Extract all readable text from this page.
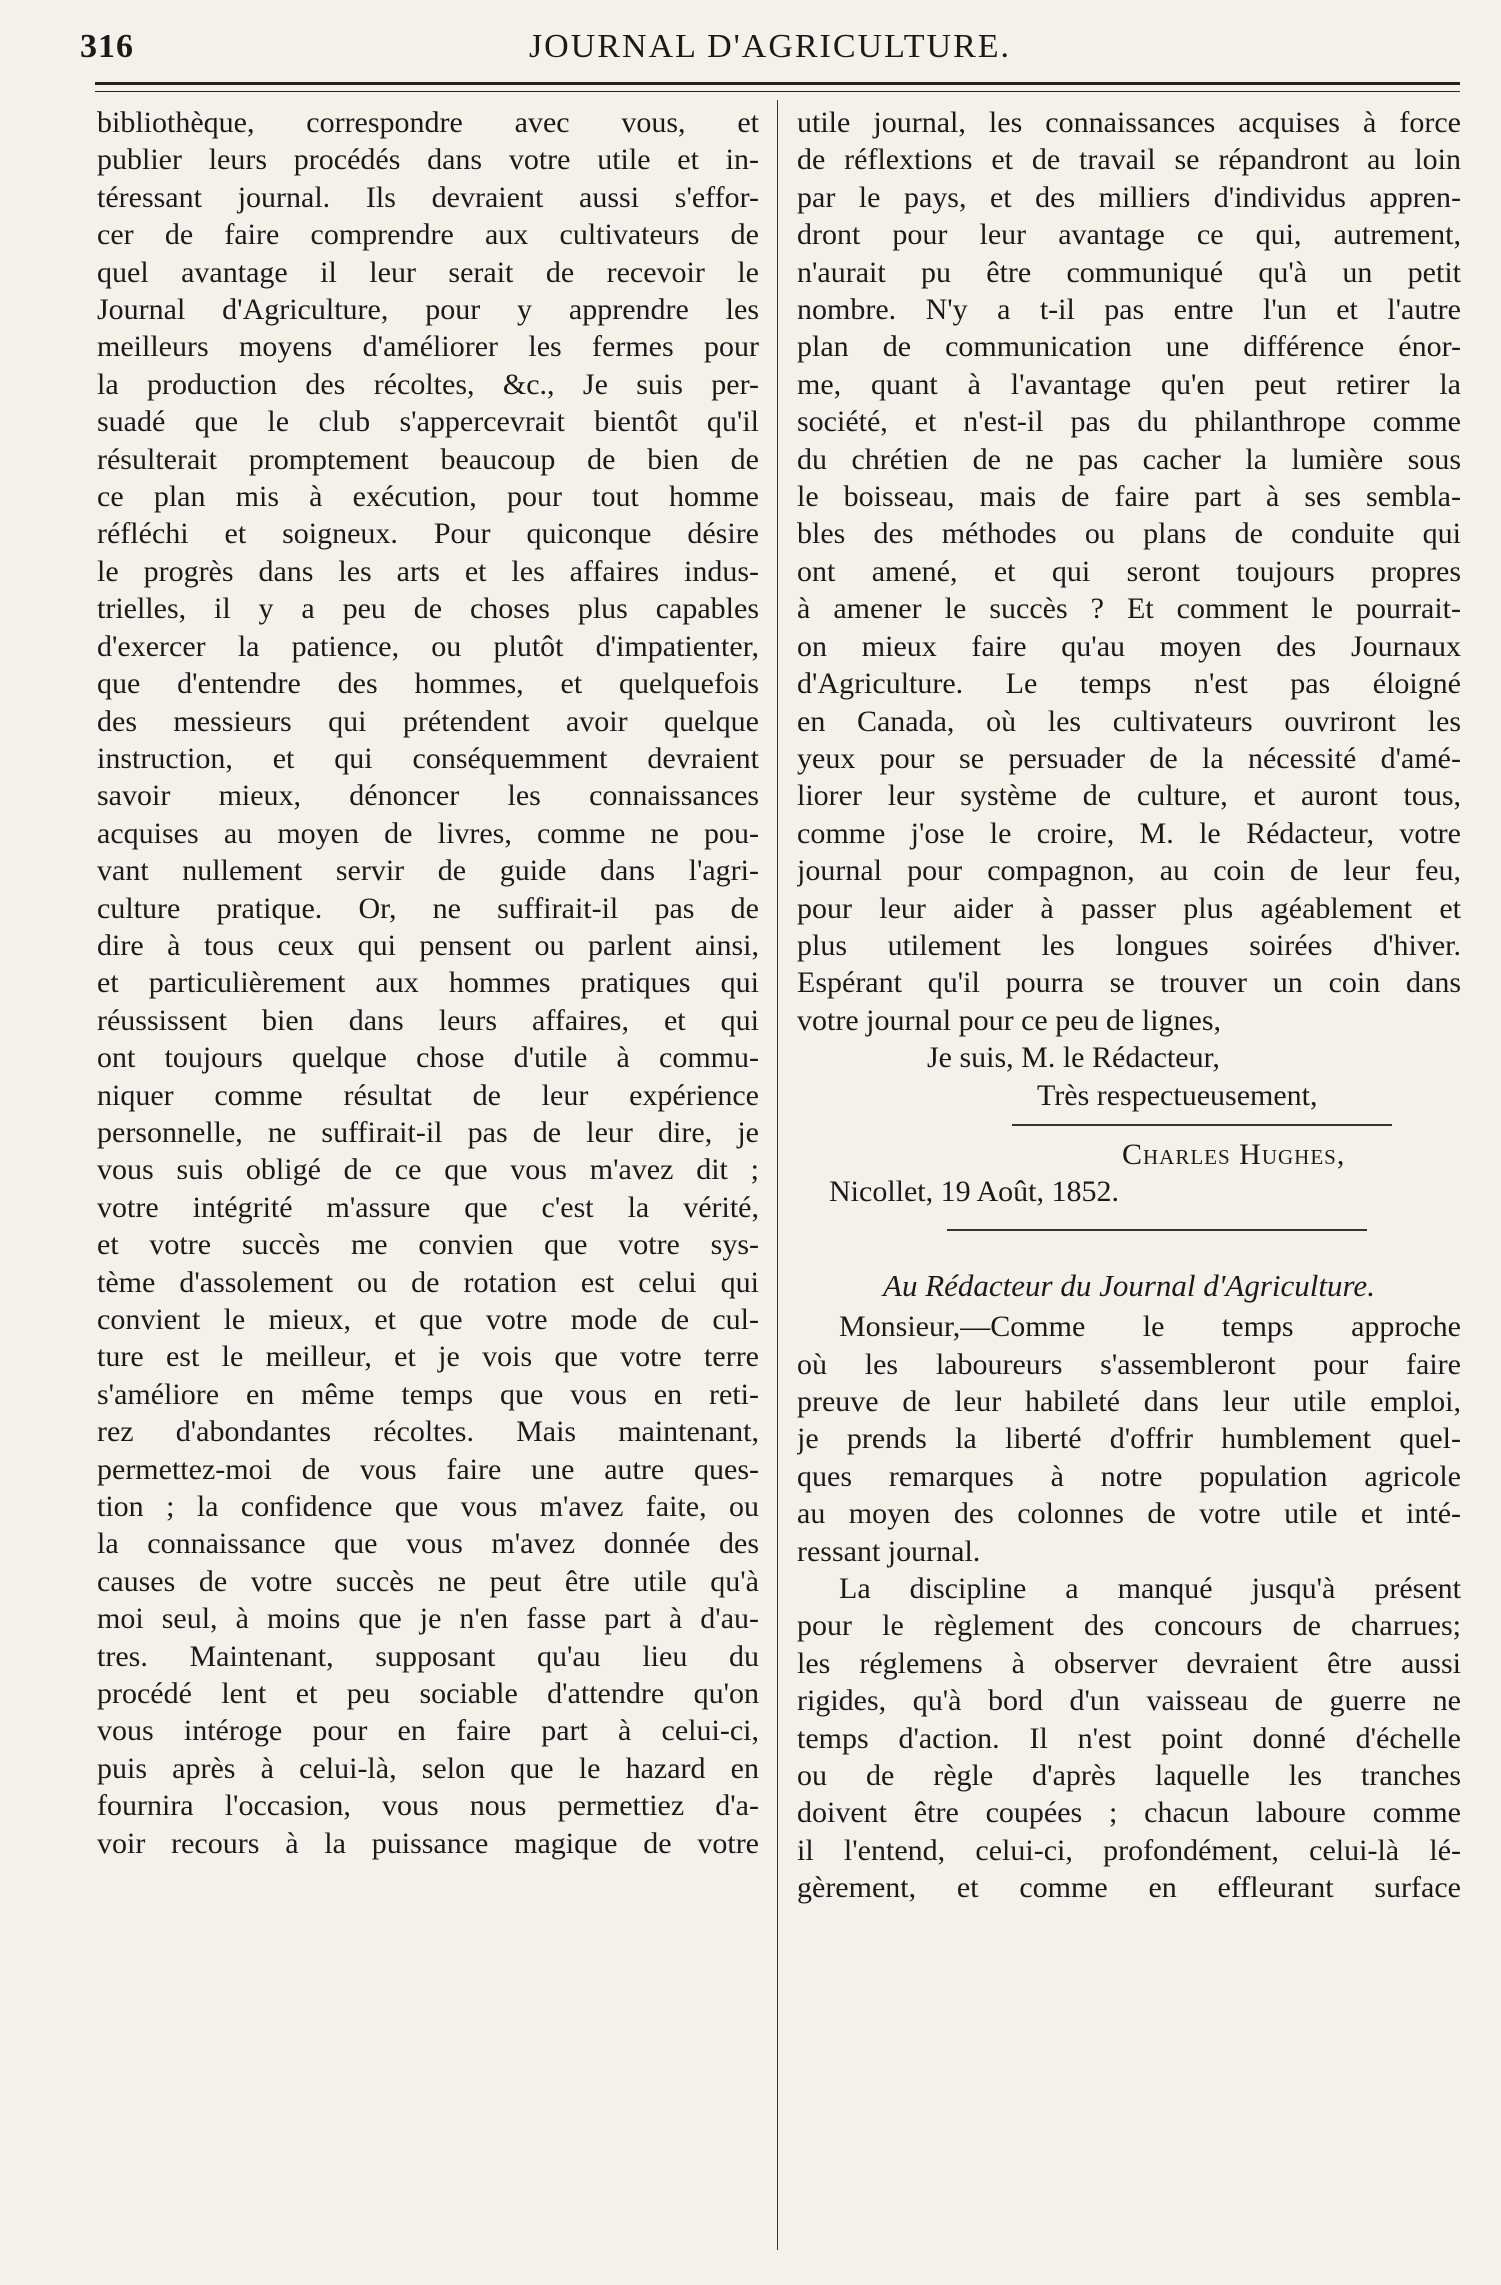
316	JOURNAL D'AGRICULTURE.
bibliothèque, correspondre avec vous, et
publier leurs procédés dans votre utile et in-
téressant journal. Ils devraient aussi s'effor-
cer de faire comprendre aux cultivateurs de
quel avantage il leur serait de recevoir le
Journal d'Agriculture, pour y apprendre les
meilleurs moyens d'améliorer les fermes pour
la production des récoltes, &c., Je suis per-
suadé que le club s'appercevrait bientôt qu'il
résulterait promptement beaucoup de bien de
ce plan mis à exécution, pour tout homme
réfléchi et soigneux. Pour quiconque désire
le progrès dans les arts et les affaires indus-
trielles, il y a peu de choses plus capables
d'exercer la patience, ou plutôt d'impatienter,
que d'entendre des hommes, et quelquefois
des messieurs qui prétendent avoir quelque
instruction, et qui conséquemment devraient
savoir mieux, dénoncer les connaissances
acquises au moyen de livres, comme ne pou-
vant nullement servir de guide dans l'agri-
culture pratique. Or, ne suffirait-il pas de
dire à tous ceux qui pensent ou parlent ainsi,
et particulièrement aux hommes pratiques qui
réussissent bien dans leurs affaires, et qui
ont toujours quelque chose d'utile à commu-
niquer comme résultat de leur expérience
personnelle, ne suffirait-il pas de leur dire, je
vous suis obligé de ce que vous m'avez dit ;
votre intégrité m'assure que c'est la vérité,
et votre succès me convien que votre sys-
tème d'assolement ou de rotation est celui qui
convient le mieux, et que votre mode de cul-
ture est le meilleur, et je vois que votre terre
s'améliore en même temps que vous en reti-
rez d'abondantes récoltes. Mais maintenant,
permettez-moi de vous faire une autre ques-
tion ; la confidence que vous m'avez faite, ou
la connaissance que vous m'avez donnée des
causes de votre succès ne peut être utile qu'à
moi seul, à moins que je n'en fasse part à d'au-
tres. Maintenant, supposant qu'au lieu du
procédé lent et peu sociable d'attendre qu'on
vous intéroge pour en faire part à celui-ci,
puis après à celui-là, selon que le hazard en
fournira l'occasion, vous nous permettiez d'a-
voir recours à la puissance magique de votre
utile journal, les connaissances acquises à force
de réflextions et de travail se répandront au loin
par le pays, et des milliers d'individus appren-
dront pour leur avantage ce qui, autrement,
n'aurait pu être communiqué qu'à un petit
nombre. N'y a t-il pas entre l'un et l'autre
plan de communication une différence énor-
me, quant à l'avantage qu'en peut retirer la
société, et n'est-il pas du philanthrope comme
du chrétien de ne pas cacher la lumière sous
le boisseau, mais de faire part à ses sembla-
bles des méthodes ou plans de conduite qui
ont amené, et qui seront toujours propres
à amener le succès ? Et comment le pourrait-
on mieux faire qu'au moyen des Journaux
d'Agriculture. Le temps n'est pas éloigné
en Canada, où les cultivateurs ouvriront les
yeux pour se persuader de la nécessité d'amé-
liorer leur système de culture, et auront tous,
comme j'ose le croire, M. le Rédacteur, votre
journal pour compagnon, au coin de leur feu,
pour leur aider à passer plus agéablement et
plus utilement les longues soirées d'hiver.
Espérant qu'il pourra se trouver un coin dans
votre journal pour ce peu de lignes,
Je suis, M. le Rédacteur,
Très respectueusement,
Charles Hughes,
Nicollet, 19 Août, 1852.
Au Rédacteur du Journal d'Agriculture.
Monsieur,—Comme le temps approche
où les laboureurs s'assembleront pour faire
preuve de leur habileté dans leur utile emploi,
je prends la liberté d'offrir humblement quel-
ques remarques à notre population agricole
au moyen des colonnes de votre utile et inté-
ressant journal.
La discipline a manqué jusqu'à présent
pour le règlement des concours de charrues;
les réglemens à observer devraient être aussi
rigides, qu'à bord d'un vaisseau de guerre ne
temps d'action. Il n'est point donné d'échelle
ou de règle d'après laquelle les tranches
doivent être coupées ; chacun laboure comme
il l'entend, celui-ci, profondément, celui-là lé-
gèrement, et comme en effleurant surface
